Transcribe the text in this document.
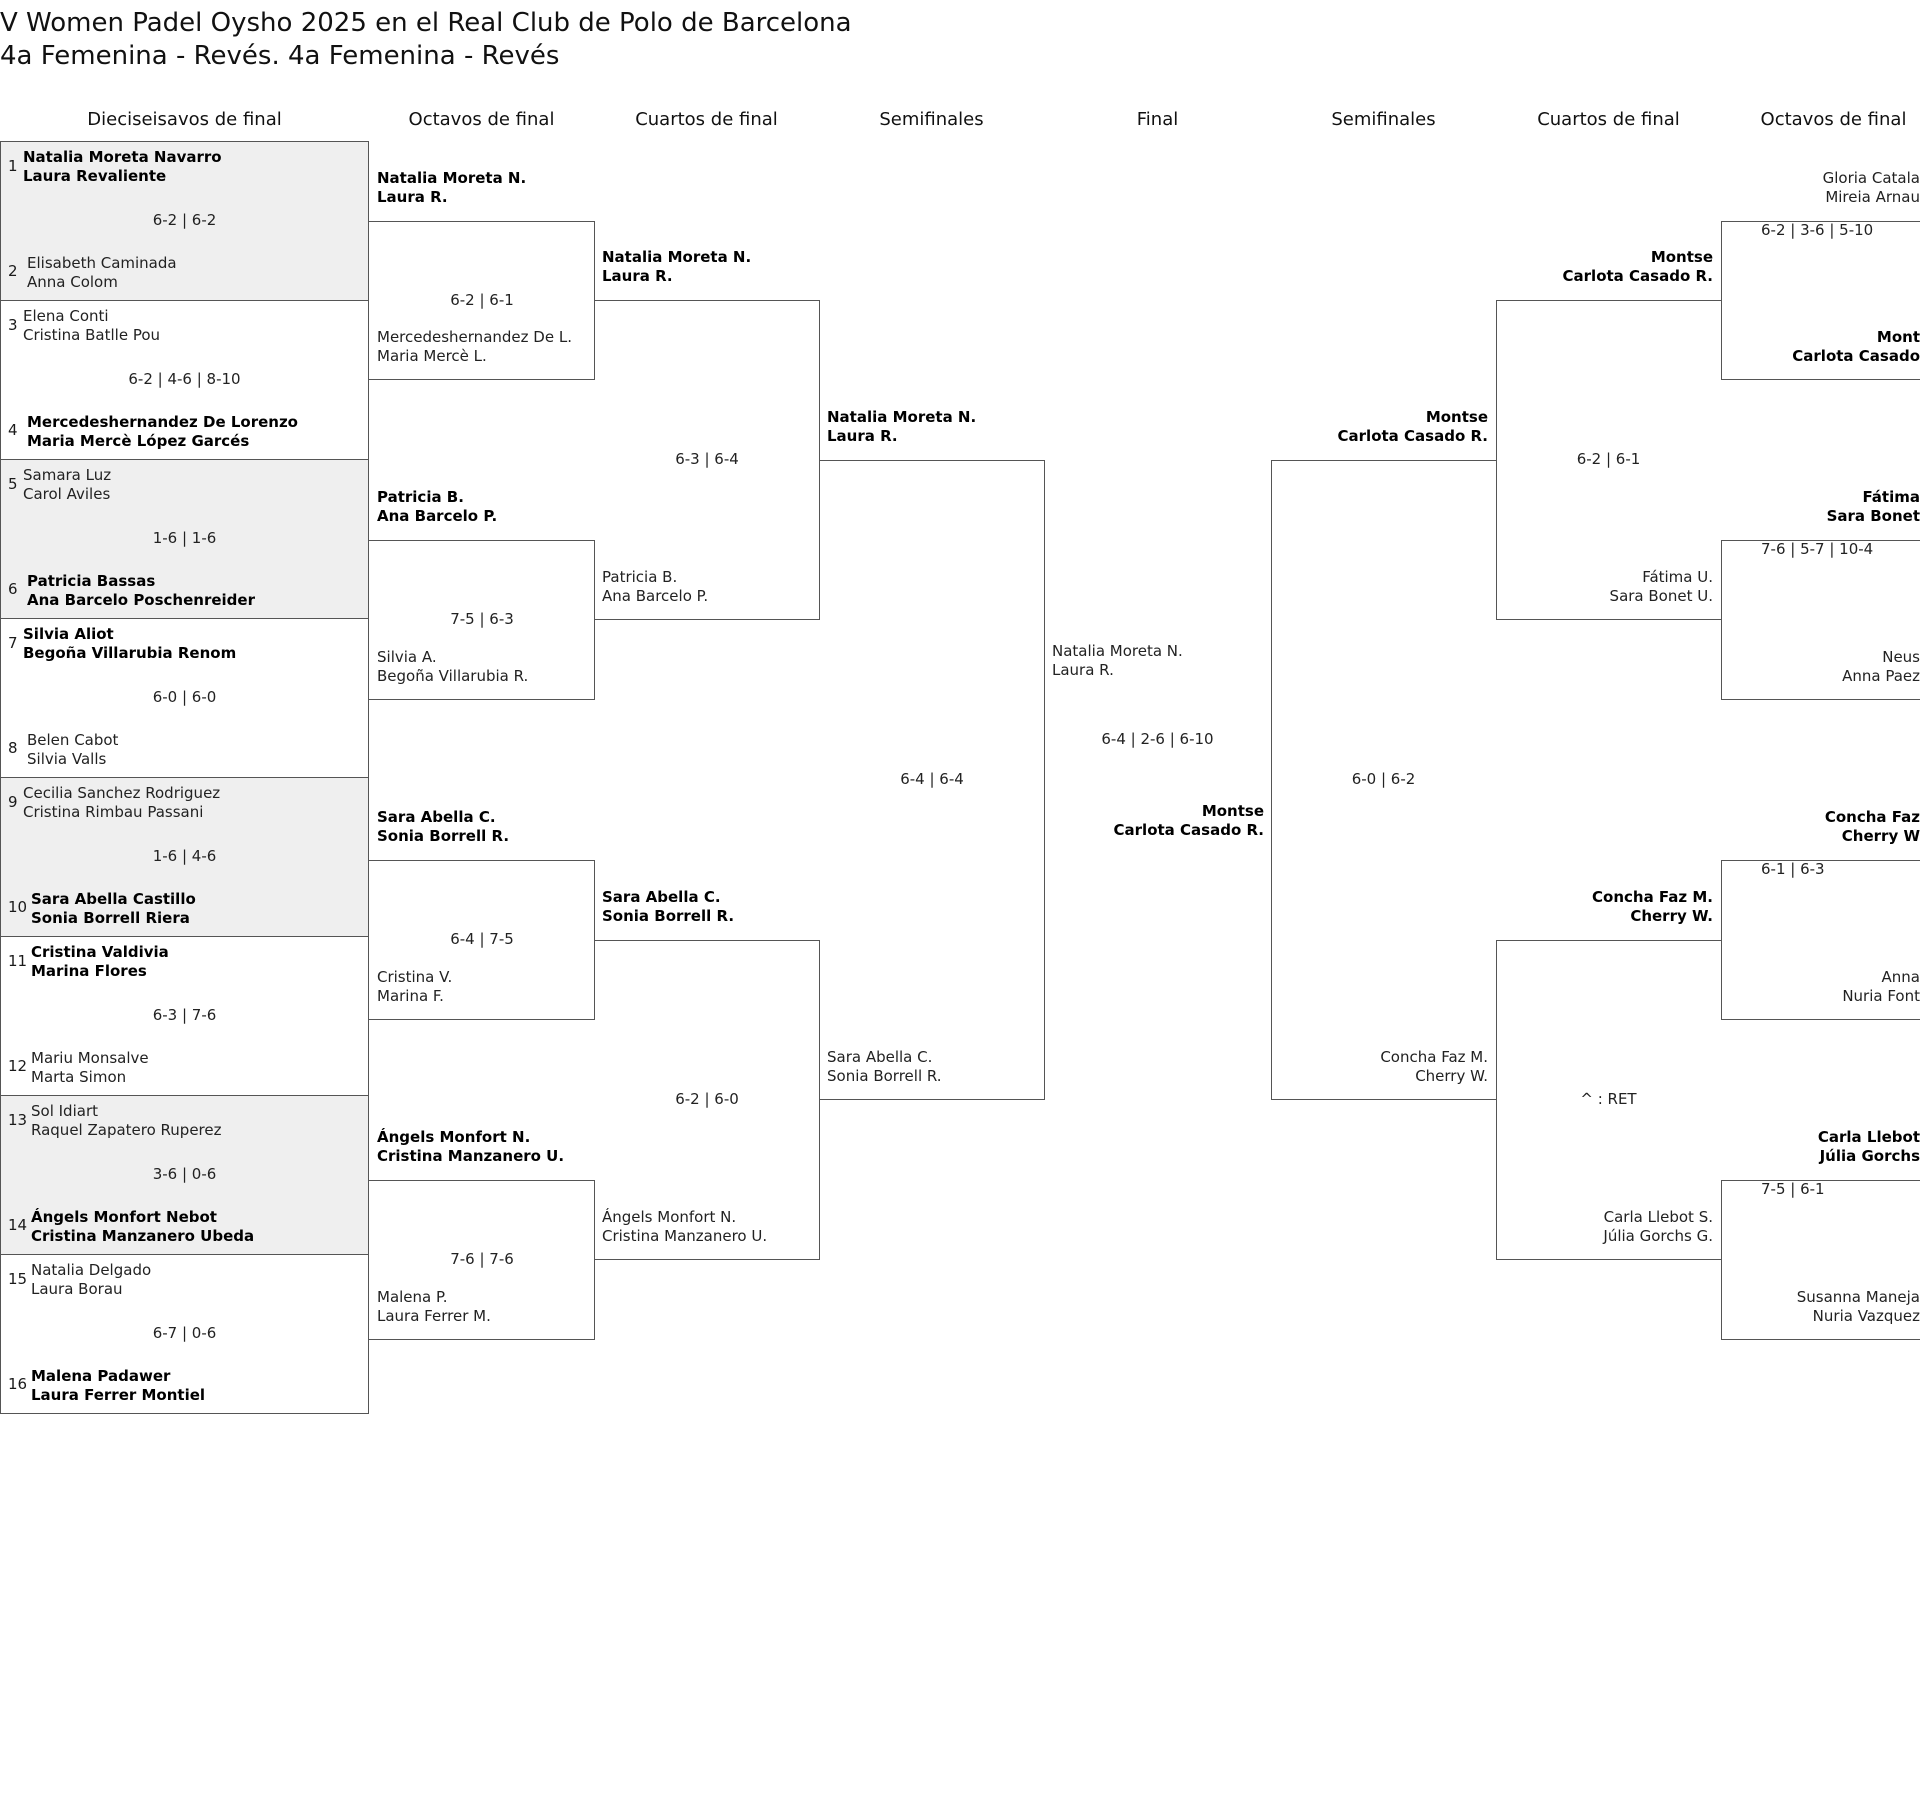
V Women Padel Oysho 2025 en el Real Club de Polo de Barcelona
4a Femenina - Revés. 4a Femenina - Revés
Dieciseisavos de final	Octavos de final	Cuartos de final	Semifinales	Final	Semifinales	Cuartos de final	Octavos de final
1
2
Natalia Moreta Navarro
Laura Revaliente
Elisabeth Caminada
Anna Colom
6-2 | 6-2
3
4
Elena Conti
Cristina Batlle Pou
Mercedeshernandez De Lorenzo
Maria Mercè López Garcés
6-2 | 4-6 | 8-10
5
6
Samara Luz
Carol Aviles
Patricia Bassas
Ana Barcelo Poschenreider
1-6 | 1-6
7
8
Silvia Aliot
Begoña Villarubia Renom
Belen Cabot
Silvia Valls
6-0 | 6-0
9
10
Cecilia Sanchez Rodriguez
Cristina Rimbau Passani
Sara Abella Castillo
Sonia Borrell Riera
1-6 | 4-6
11
12
Cristina Valdivia
Marina Flores
Mariu Monsalve
Marta Simon
6-3 | 7-6
13
14
Sol Idiart
Raquel Zapatero Ruperez
Ángels Monfort Nebot
Cristina Manzanero Ubeda
3-6 | 0-6
15
16
Natalia Delgado
Laura Borau
Malena Padawer
Laura Ferrer Montiel
6-7 | 0-6
Natalia Moreta N.
Laura R.
Mercedeshernandez De L.
Maria Mercè L.
6-2 | 6-1
Patricia B.
Ana Barcelo P.
Silvia A.
Begoña Villarubia R.
7-5 | 6-3
Sara Abella C.
Sonia Borrell R.
Cristina V.
Marina F.
6-4 | 7-5
Ángels Monfort N.
Cristina Manzanero U.
Malena P.
Laura Ferrer M.
7-6 | 7-6
Natalia Moreta N.
Laura R.
Patricia B.
Ana Barcelo P.
6-3 | 6-4
Sara Abella C.
Sonia Borrell R.
Ángels Monfort N.
Cristina Manzanero U.
6-2 | 6-0
Natalia Moreta N.
Laura R.
Sara Abella C.
Sonia Borrell R.
6-4 | 6-4
Natalia Moreta N.
Laura R.
Montse
Carlota Casado R.
6-4 | 2-6 | 6-10
Montse
Carlota Casado R.
Concha Faz M.
Cherry W.
6-0 | 6-2
Montse
Carlota Casado R.
Fátima U.
Sara Bonet U.
6-2 | 6-1
Concha Faz M.
Cherry W.
Carla Llebot S.
Júlia Gorchs G.
^ : RET
Gloria Catala
Mireia Arnau
Mont
Carlota Casado
6-2 | 3-6 | 5-10
Fátima
Sara Bonet
Neus
Anna Paez
7-6 | 5-7 | 10-4
Concha Faz
Cherry W
Anna
Nuria Font
6-1 | 6-3
Carla Llebot
Júlia Gorchs
Susanna Maneja
Nuria Vazquez
7-5 | 6-1
